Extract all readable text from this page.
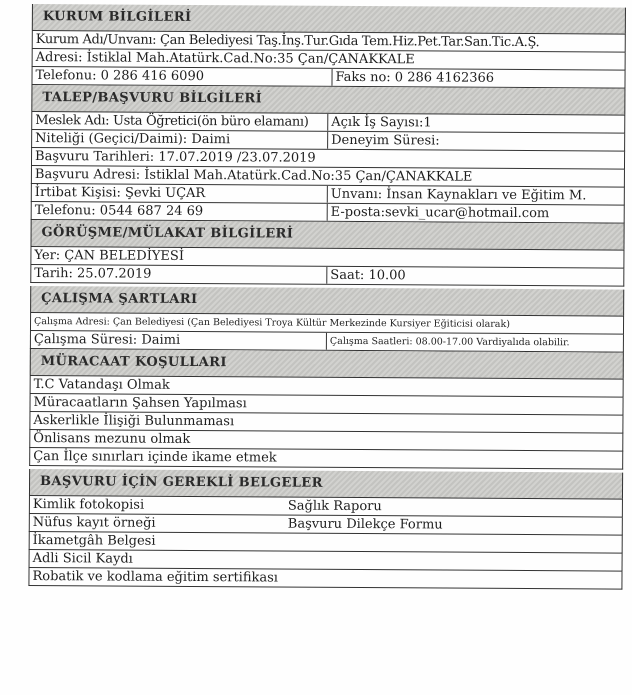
KURUM BİLGİLERİ
Kurum Adı/Unvanı: Çan Belediyesi Taş.İnş.Tur.Gıda Tem.Hiz.Pet.Tar.San.Tic.A.Ş.
Adresi: İstiklal Mah.Atatürk.Cad.No:35 Çan/ÇANAKKALE
Telefonu: 0 286 416 6090	Faks no: 0 286 4162366
TALEP/BAŞVURU BİLGİLERİ
Meslek Adı: Usta Öğretici(ön büro elamanı)	Açık İş Sayısı:1
Niteliği (Geçici/Daimi): Daimi	Deneyim Süresi:
Başvuru Tarihleri: 17.07.2019 /23.07.2019
Başvuru Adresi: İstiklal Mah.Atatürk.Cad.No:35 Çan/ÇANAKKALE
İrtibat Kişisi: Şevki UÇAR	Unvanı: İnsan Kaynakları ve Eğitim M.
Telefonu: 0544 687 24 69	E-posta:sevki_ucar@hotmail.com
GÖRÜŞME/MÜLAKAT BİLGİLERİ
Yer: ÇAN BELEDİYESİ
Tarih: 25.07.2019	Saat: 10.00
ÇALIŞMA ŞARTLARI
Çalışma Adresi: Çan Belediyesi (Çan Belediyesi Troya Kültür Merkezinde Kursiyer Eğiticisi olarak)
Çalışma Süresi: Daimi	Çalışma Saatleri: 08.00-17.00 Vardiyalıda olabilir.
MÜRACAAT KOŞULLARI
T.C Vatandaşı Olmak
Müracaatların Şahsen Yapılması
Askerlikle İlişiği Bulunmaması
Önlisans mezunu olmak
Çan İlçe sınırları içinde ikame etmek
BAŞVURU İÇİN GEREKLİ BELGELER
Kimlik fotokopisi	Sağlık Raporu
Nüfus kayıt örneği	Başvuru Dilekçe Formu
İkametgâh Belgesi
Adli Sicil Kaydı
Robatik ve kodlama eğitim sertifikası
